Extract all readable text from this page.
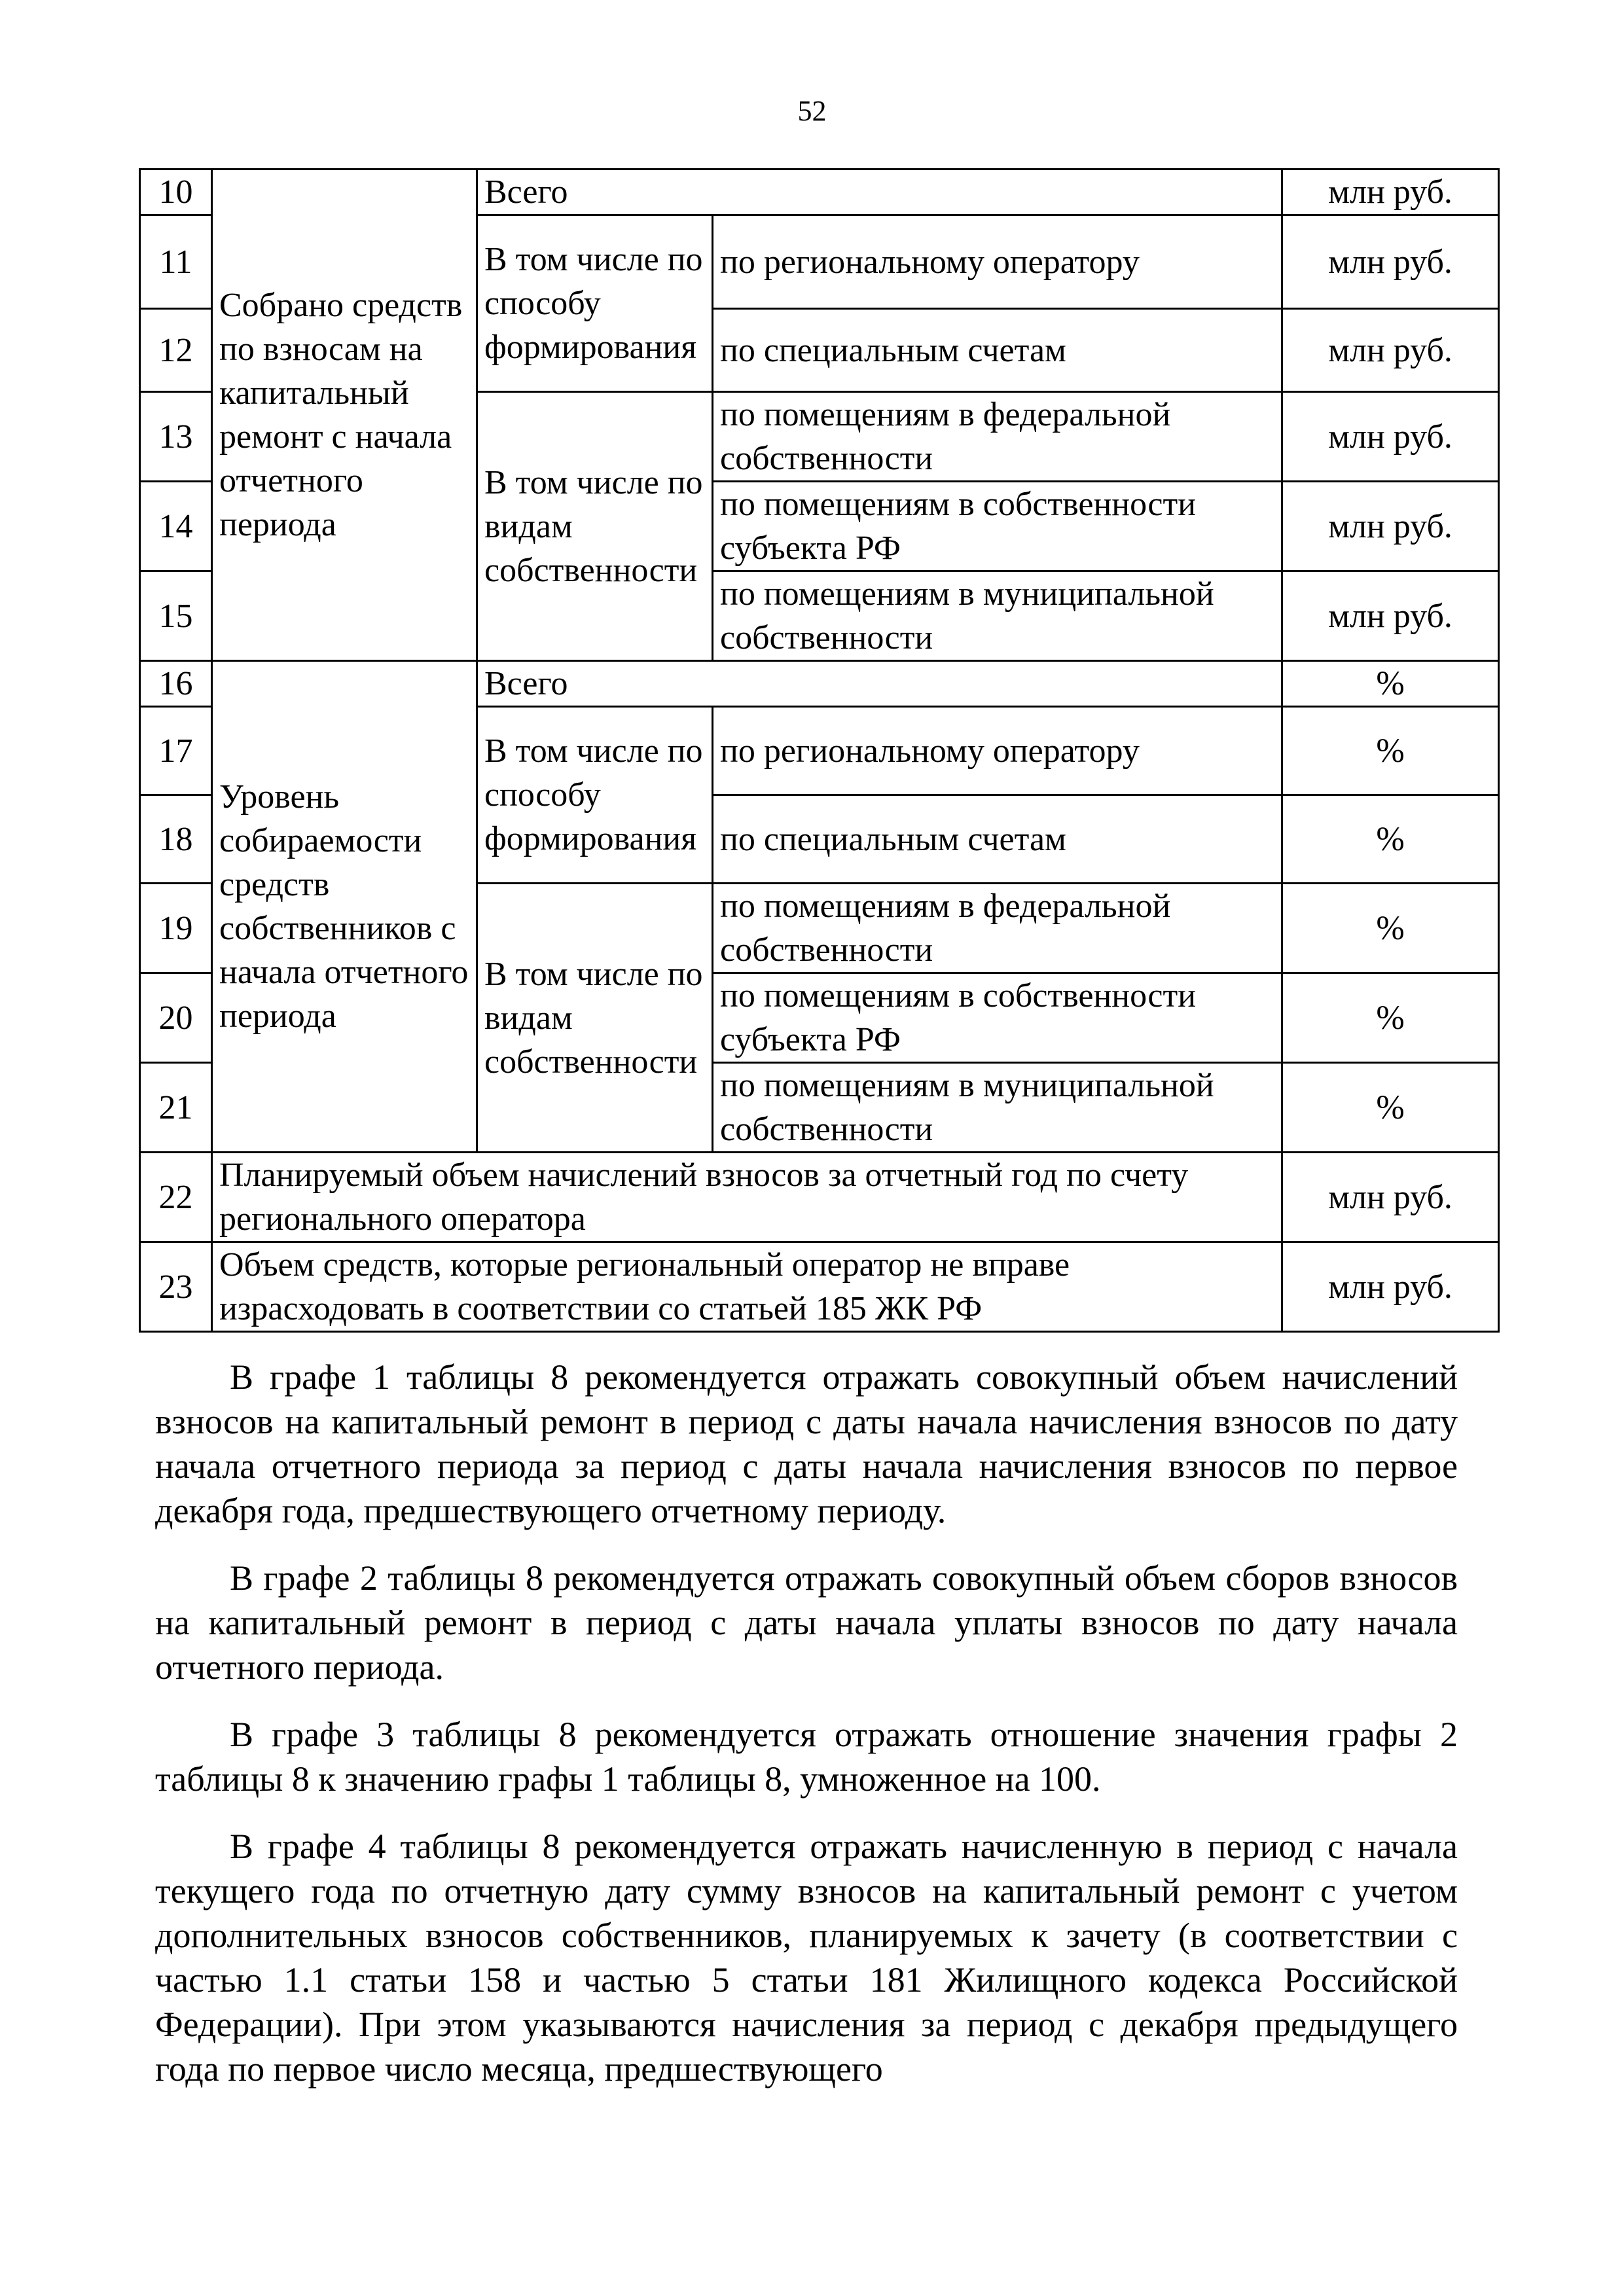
52
10	Собрано средств по взносам на капитальный ремонт с начала отчетного периода	Всего		млн руб.
11		В том числе по способу формирования	по региональному оператору	млн руб.
12			по специальным счетам	млн руб.
13		В том числе по видам собственности	по помещениям в федеральной собственности	млн руб.
14			по помещениям в собственности субъекта РФ	млн руб.
15			по помещениям в муниципальной собственности	млн руб.
16	Уровень собираемости средств собственников с начала отчетного периода	Всего		%
17		В том числе по способу формирования	по региональному оператору	%
18			по специальным счетам	%
19		В том числе по видам собственности	по помещениям в федеральной собственности	%
20			по помещениям в собственности субъекта РФ	%
21			по помещениям в муниципальной собственности	%
22	Планируемый объем начислений взносов за отчетный год по счету регионального оператора			млн руб.
23	Объем средств, которые региональный оператор не вправе израсходовать в соответствии со статьей 185 ЖК РФ			млн руб.

В графе 1 таблицы 8 рекомендуется отражать совокупный объем начислений взносов на капитальный ремонт в период с даты начала начисления взносов по дату начала отчетного периода за период с даты начала начисления взносов по первое декабря года, предшествующего отчетному периоду.

В графе 2 таблицы 8 рекомендуется отражать совокупный объем сборов взносов на капитальный ремонт в период с даты начала уплаты взносов по дату начала отчетного периода.

В графе 3 таблицы 8 рекомендуется отражать отношение значения графы 2 таблицы 8 к значению графы 1 таблицы 8, умноженное на 100.

В графе 4 таблицы 8 рекомендуется отражать начисленную в период с начала текущего года по отчетную дату сумму взносов на капитальный ремонт с учетом дополнительных взносов собственников, планируемых к зачету (в соответствии с частью 1.1 статьи 158 и частью 5 статьи 181 Жилищного кодекса Российской Федерации). При этом указываются начисления за период с декабря предыдущего года по первое число месяца, предшествующего
